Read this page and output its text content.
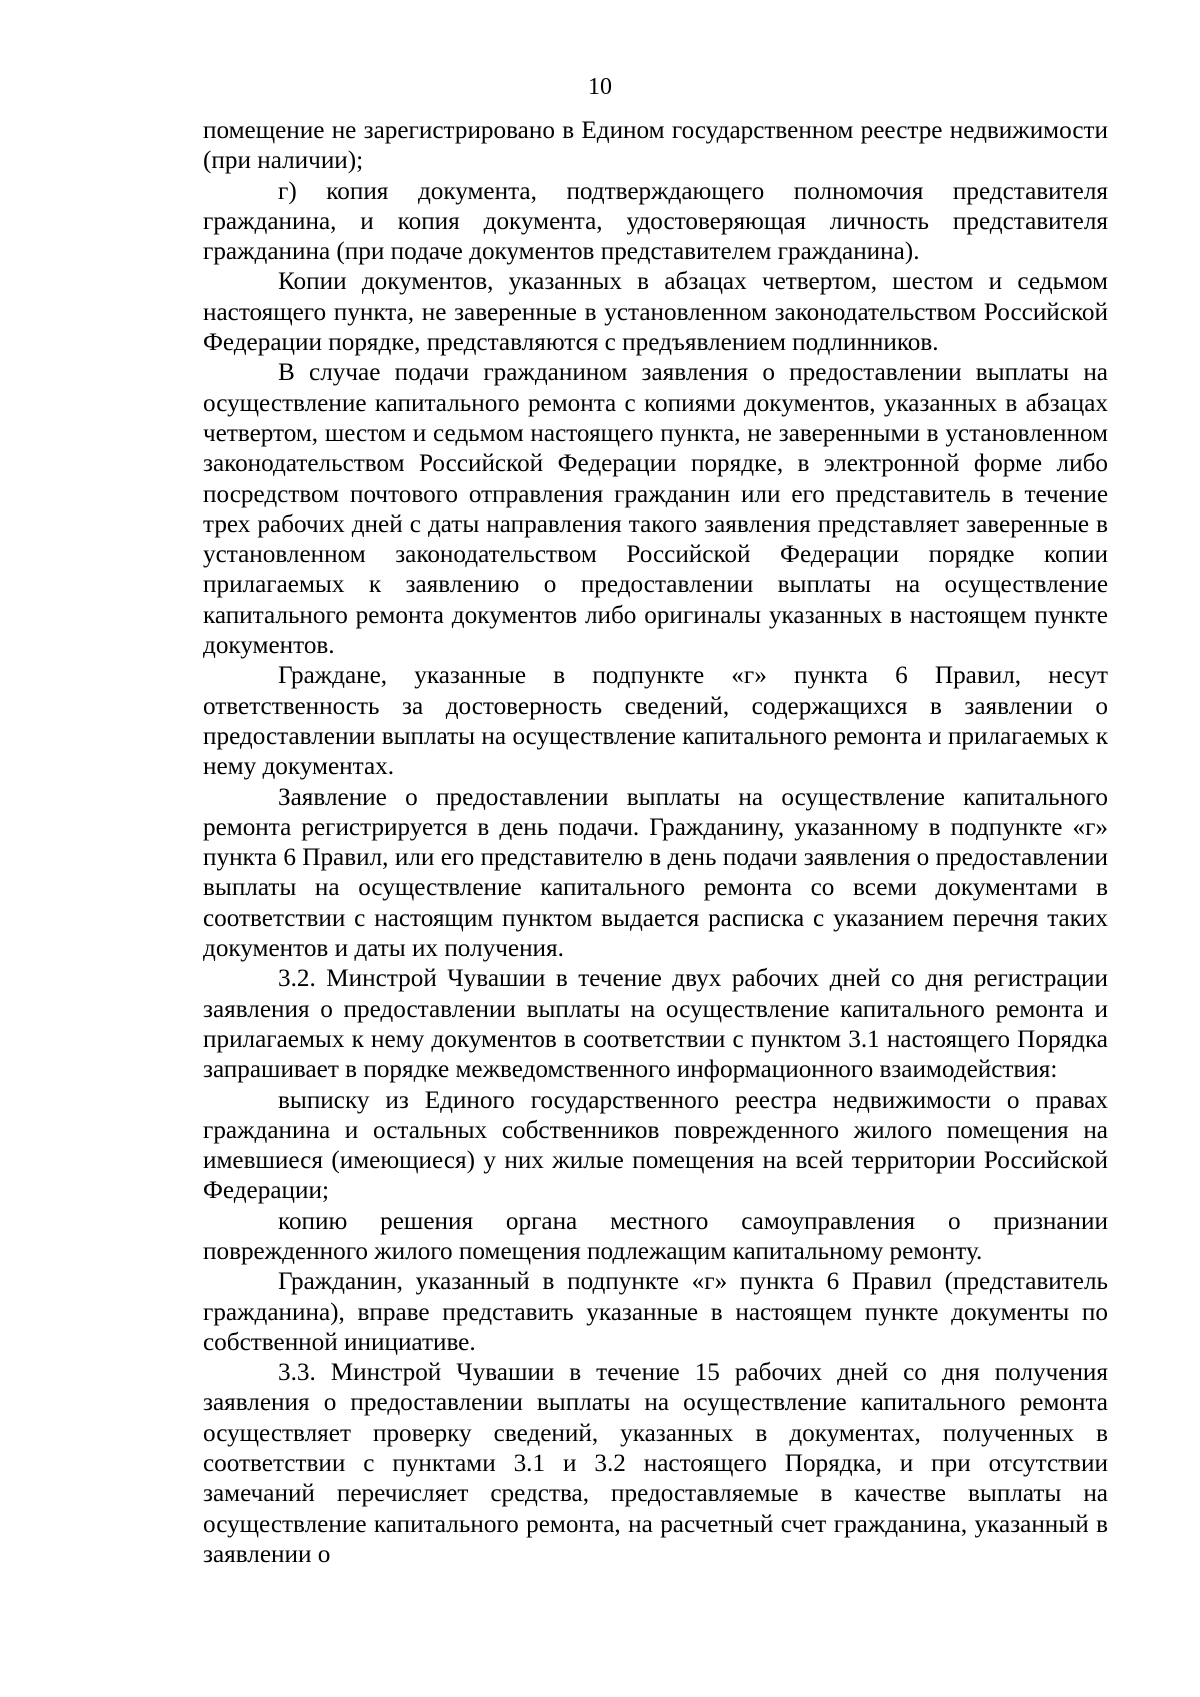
10

помещение не зарегистрировано в Едином государственном реестре недвижимости (при наличии);

г) копия документа, подтверждающего полномочия представителя гражданина, и копия документа, удостоверяющая личность представителя гражданина (при подаче документов представителем гражданина).

Копии документов, указанных в абзацах четвертом, шестом и седьмом настоящего пункта, не заверенные в установленном законодательством Российской Федерации порядке, представляются с предъявлением подлинников.

В случае подачи гражданином заявления о предоставлении выплаты на осуществление капитального ремонта с копиями документов, указанных в абзацах четвертом, шестом и седьмом настоящего пункта, не заверенными в установленном законодательством Российской Федерации порядке, в электронной форме либо посредством почтового отправления гражданин или его представитель в течение трех рабочих дней с даты направления такого заявления представляет заверенные в установленном законодательством Российской Федерации порядке копии прилагаемых к заявлению о предоставлении выплаты на осуществление капитального ремонта документов либо оригиналы указанных в настоящем пункте документов.

Граждане, указанные в подпункте «г» пункта 6 Правил, несут ответственность за достоверность сведений, содержащихся в заявлении о предоставлении выплаты на осуществление капитального ремонта и прилагаемых к нему документах.

Заявление о предоставлении выплаты на осуществление капитального ремонта регистрируется в день подачи. Гражданину, указанному в подпункте «г» пункта 6 Правил, или его представителю в день подачи заявления о предоставлении выплаты на осуществление капитального ремонта со всеми документами в соответствии с настоящим пунктом выдается расписка с указанием перечня таких документов и даты их получения.

3.2. Минстрой Чувашии в течение двух рабочих дней со дня регистрации заявления о предоставлении выплаты на осуществление капитального ремонта и прилагаемых к нему документов в соответствии с пунктом 3.1 настоящего Порядка запрашивает в порядке межведомственного информационного взаимодействия:

выписку из Единого государственного реестра недвижимости о правах гражданина и остальных собственников поврежденного жилого помещения на имевшиеся (имеющиеся) у них жилые помещения на всей территории Российской Федерации;

копию решения органа местного самоуправления о признании поврежденного жилого помещения подлежащим капитальному ремонту.

Гражданин, указанный в подпункте «г» пункта 6 Правил (представитель гражданина), вправе представить указанные в настоящем пункте документы по собственной инициативе.

3.3. Минстрой Чувашии в течение 15 рабочих дней со дня получения заявления о предоставлении выплаты на осуществление капитального ремонта осуществляет проверку сведений, указанных в документах, полученных в соответствии с пунктами 3.1 и 3.2 настоящего Порядка, и при отсутствии замечаний перечисляет средства, предоставляемые в качестве выплаты на осуществление капитального ремонта, на расчетный счет гражданина, указанный в заявлении о
